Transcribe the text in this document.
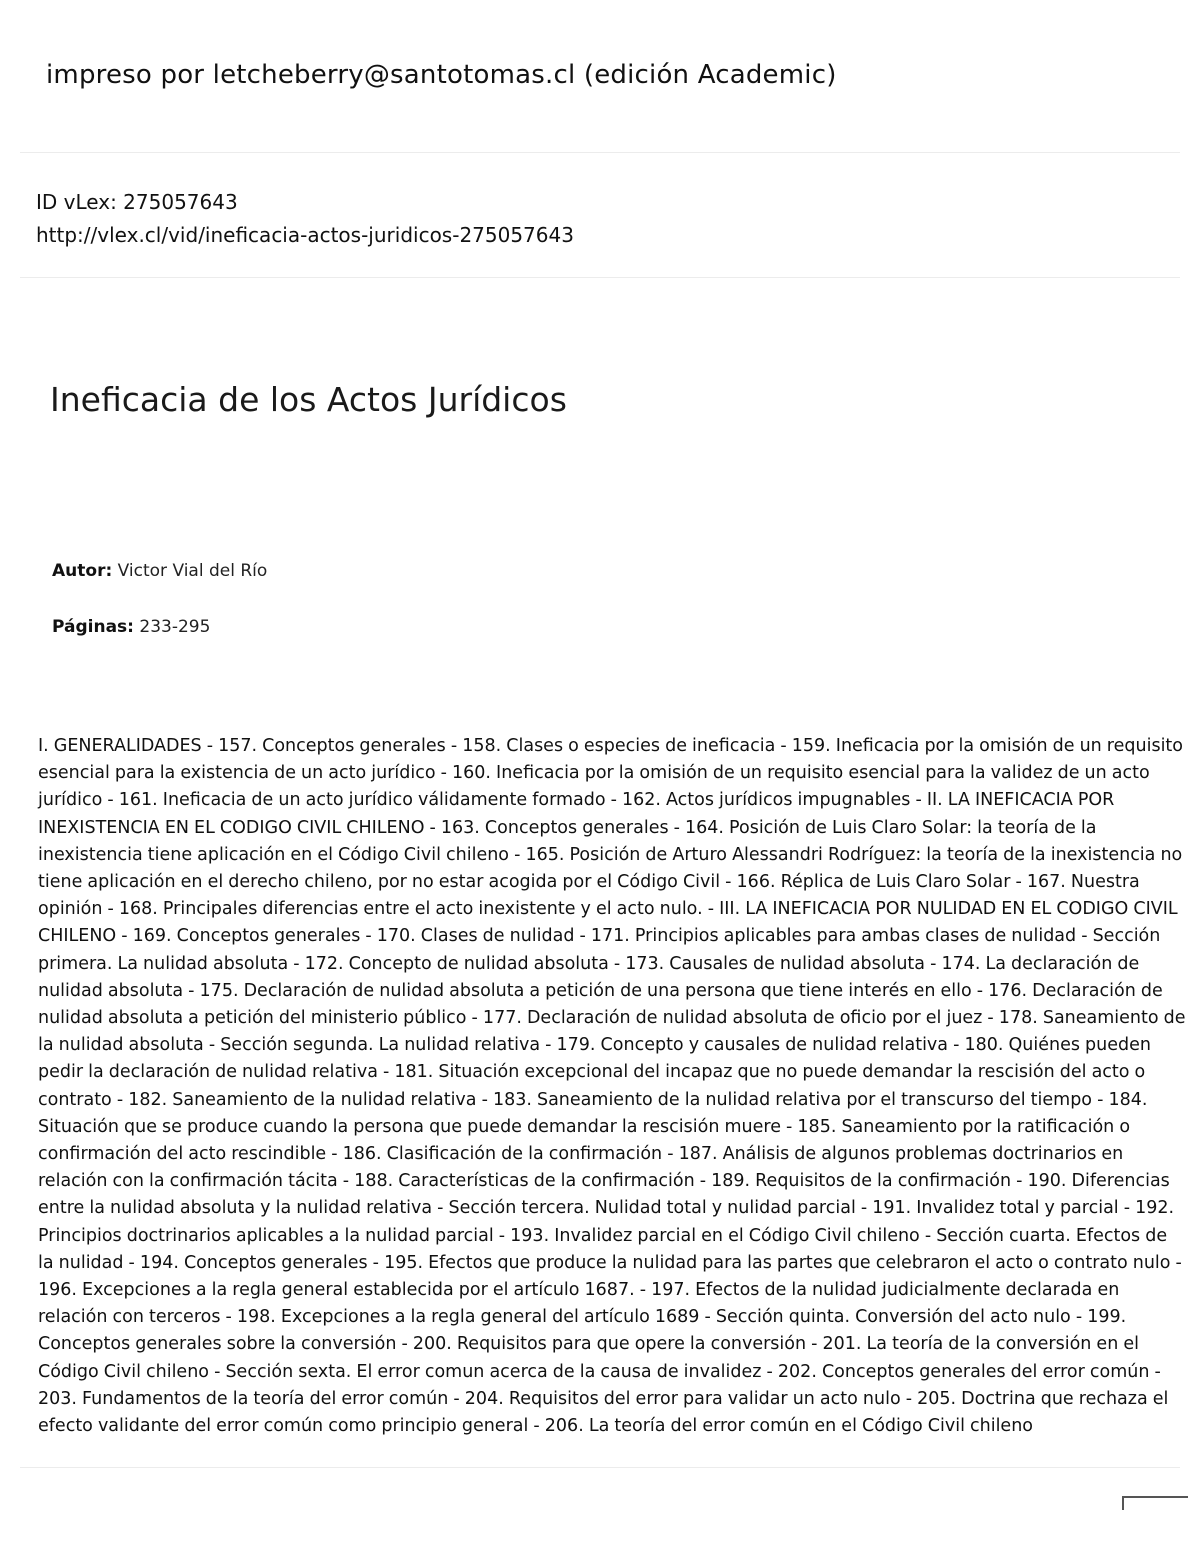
impreso por letcheberry@santotomas.cl (edición Academic)
ID vLex: 275057643
http://vlex.cl/vid/ineficacia-actos-juridicos-275057643
Ineficacia de los Actos Jurídicos
Autor: Victor Vial del Río
Páginas: 233-295

I. GENERALIDADES - 157. Conceptos generales - 158. Clases o especies de ineficacia - 159. Ineficacia por la omisión de un requisito esencial para la existencia de un acto jurídico - 160. Ineficacia por la omisión de un requisito esencial para la validez de un acto jurídico - 161. Ineficacia de un acto jurídico válidamente formado - 162. Actos jurídicos impugnables - II. LA INEFICACIA POR INEXISTENCIA EN EL CODIGO CIVIL CHILENO - 163. Conceptos generales - 164. Posición de Luis Claro Solar: la teoría de la inexistencia tiene aplicación en el Código Civil chileno - 165. Posición de Arturo Alessandri Rodríguez: la teoría de la inexistencia no tiene aplicación en el derecho chileno, por no estar acogida por el Código Civil - 166. Réplica de Luis Claro Solar - 167. Nuestra opinión - 168. Principales diferencias entre el acto inexistente y el acto nulo. - III. LA INEFICACIA POR NULIDAD EN EL CODIGO CIVIL CHILENO - 169. Conceptos generales - 170. Clases de nulidad - 171. Principios aplicables para ambas clases de nulidad - Sección primera. La nulidad absoluta - 172. Concepto de nulidad absoluta - 173. Causales de nulidad absoluta - 174. La declaración de nulidad absoluta - 175. Declaración de nulidad absoluta a petición de una persona que tiene interés en ello - 176. Declaración de nulidad absoluta a petición del ministerio público - 177. Declaración de nulidad absoluta de oficio por el juez - 178. Saneamiento de la nulidad absoluta - Sección segunda. La nulidad relativa - 179. Concepto y causales de nulidad relativa - 180. Quiénes pueden pedir la declaración de nulidad relativa - 181. Situación excepcional del incapaz que no puede demandar la rescisión del acto o contrato - 182. Saneamiento de la nulidad relativa - 183. Saneamiento de la nulidad relativa por el transcurso del tiempo - 184. Situación que se produce cuando la persona que puede demandar la rescisión muere - 185. Saneamiento por la ratificación o confirmación del acto rescindible - 186. Clasificación de la confirmación - 187. Análisis de algunos problemas doctrinarios en relación con la confirmación tácita - 188. Características de la confirmación - 189. Requisitos de la confirmación - 190. Diferencias entre la nulidad absoluta y la nulidad relativa - Sección tercera. Nulidad total y nulidad parcial - 191. Invalidez total y parcial - 192. Principios doctrinarios aplicables a la nulidad parcial - 193. Invalidez parcial en el Código Civil chileno - Sección cuarta. Efectos de la nulidad - 194. Conceptos generales - 195. Efectos que produce la nulidad para las partes que celebraron el acto o contrato nulo - 196. Excepciones a la regla general establecida por el artículo 1687. - 197. Efectos de la nulidad judicialmente declarada en relación con terceros - 198. Excepciones a la regla general del artículo 1689 - Sección quinta. Conversión del acto nulo - 199. Conceptos generales sobre la conversión - 200. Requisitos para que opere la conversión - 201. La teoría de la conversión en el Código Civil chileno - Sección sexta. El error comun acerca de la causa de invalidez - 202. Conceptos generales del error común - 203. Fundamentos de la teoría del error común - 204. Requisitos del error para validar un acto nulo - 205. Doctrina que rechaza el efecto validante del error común como principio general - 206. La teoría del error común en el Código Civil chileno
